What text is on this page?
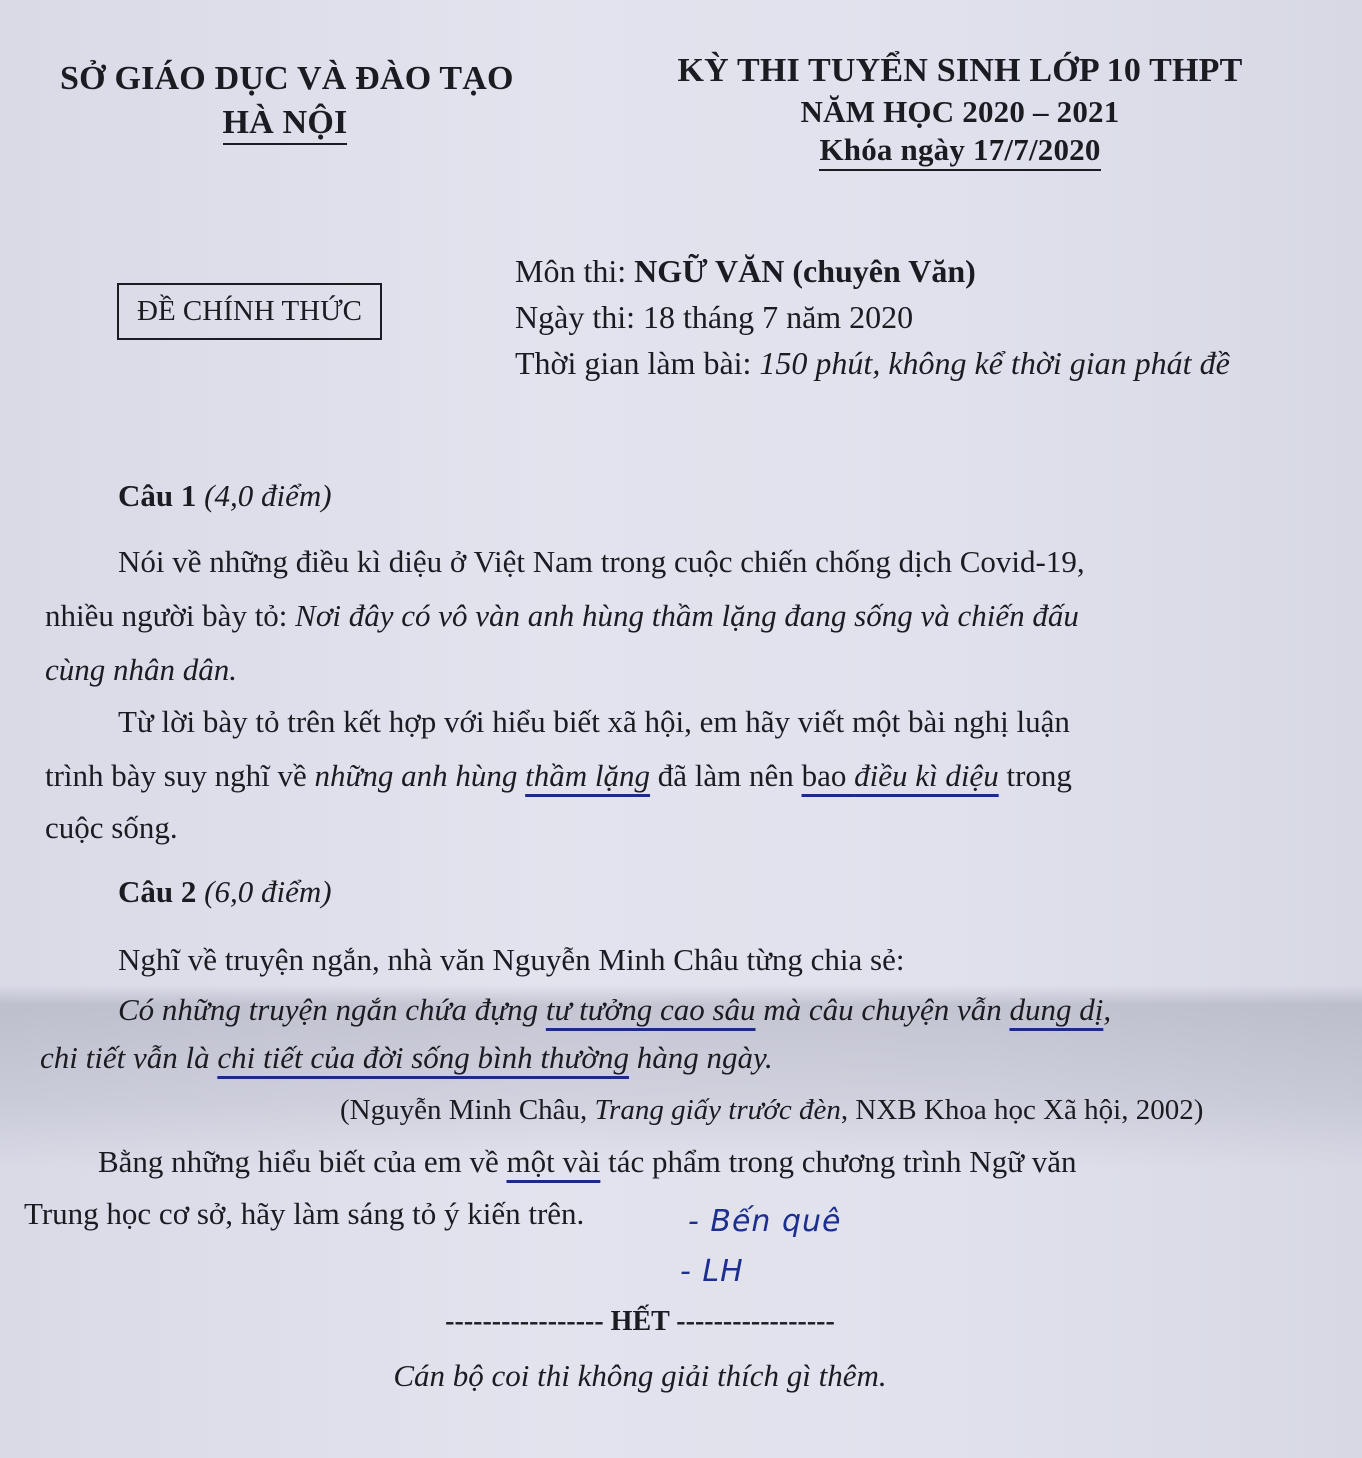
SỞ GIÁO DỤC VÀ ĐÀO TẠO
HÀ NỘI
KỲ THI TUYỂN SINH LỚP 10 THPT
NĂM HỌC 2020 – 2021
Khóa ngày 17/7/2020
ĐỀ CHÍNH THỨC
Môn thi: NGỮ VĂN (chuyên Văn)
Ngày thi: 18 tháng 7 năm 2020
Thời gian làm bài: 150 phút, không kể thời gian phát đề
Câu 1 (4,0 điểm)
Nói về những điều kì diệu ở Việt Nam trong cuộc chiến chống dịch Covid-19,
nhiều người bày tỏ: Nơi đây có vô vàn anh hùng thầm lặng đang sống và chiến đấu
cùng nhân dân.
Từ lời bày tỏ trên kết hợp với hiểu biết xã hội, em hãy viết một bài nghị luận
trình bày suy nghĩ về những anh hùng thầm lặng đã làm nên bao điều kì diệu trong
cuộc sống.
Câu 2 (6,0 điểm)
Nghĩ về truyện ngắn, nhà văn Nguyễn Minh Châu từng chia sẻ:
Có những truyện ngắn chứa đựng tư tưởng cao sâu mà câu chuyện vẫn dung dị,
chi tiết vẫn là chi tiết của đời sống bình thường hàng ngày.
(Nguyễn Minh Châu, Trang giấy trước đèn, NXB Khoa học Xã hội, 2002)
Bằng những hiểu biết của em về một vài tác phẩm trong chương trình Ngữ văn
Trung học cơ sở, hãy làm sáng tỏ ý kiến trên.	- Bến quê
- LH
----------------- HẾT -----------------
Cán bộ coi thi không giải thích gì thêm.
